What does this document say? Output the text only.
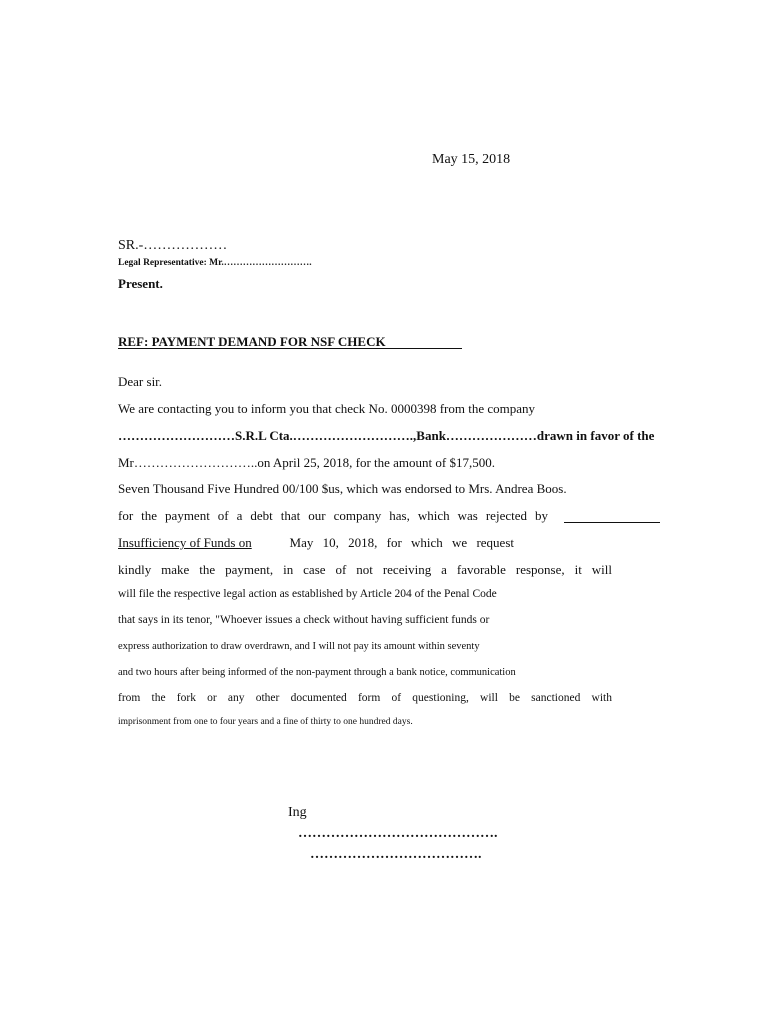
May 15, 2018
SR.-………………
Legal Representative: Mr.……………………….
Present.
REF: PAYMENT DEMAND FOR NSF CHECK
Dear sir.
We are contacting you to inform you that check No. 0000398 from the company
………………………S.R.L Cta.……………………….,Bank…………………drawn in favor of the
Mr………………………..on April 25, 2018, for the amount of $17,500.
Seven Thousand Five Hundred 00/100 $us, which was endorsed to Mrs. Andrea Boos.
for the payment of a debt that our company has, which was rejected by
Insufficiency of Funds on	May 10, 2018, for which we request
kindly make the payment, in case of not receiving a favorable response, it will
will file the respective legal action as established by Article 204 of the Penal Code
that says in its tenor, "Whoever issues a check without having sufficient funds or
express authorization to draw overdrawn, and I will not pay its amount within seventy
and two hours after being informed of the non-payment through a bank notice, communication
from the fork or any other documented form of questioning, will be sanctioned with
imprisonment from one to four years and a fine of thirty to one hundred days.
Ing
…………………………………….
……………………………….
